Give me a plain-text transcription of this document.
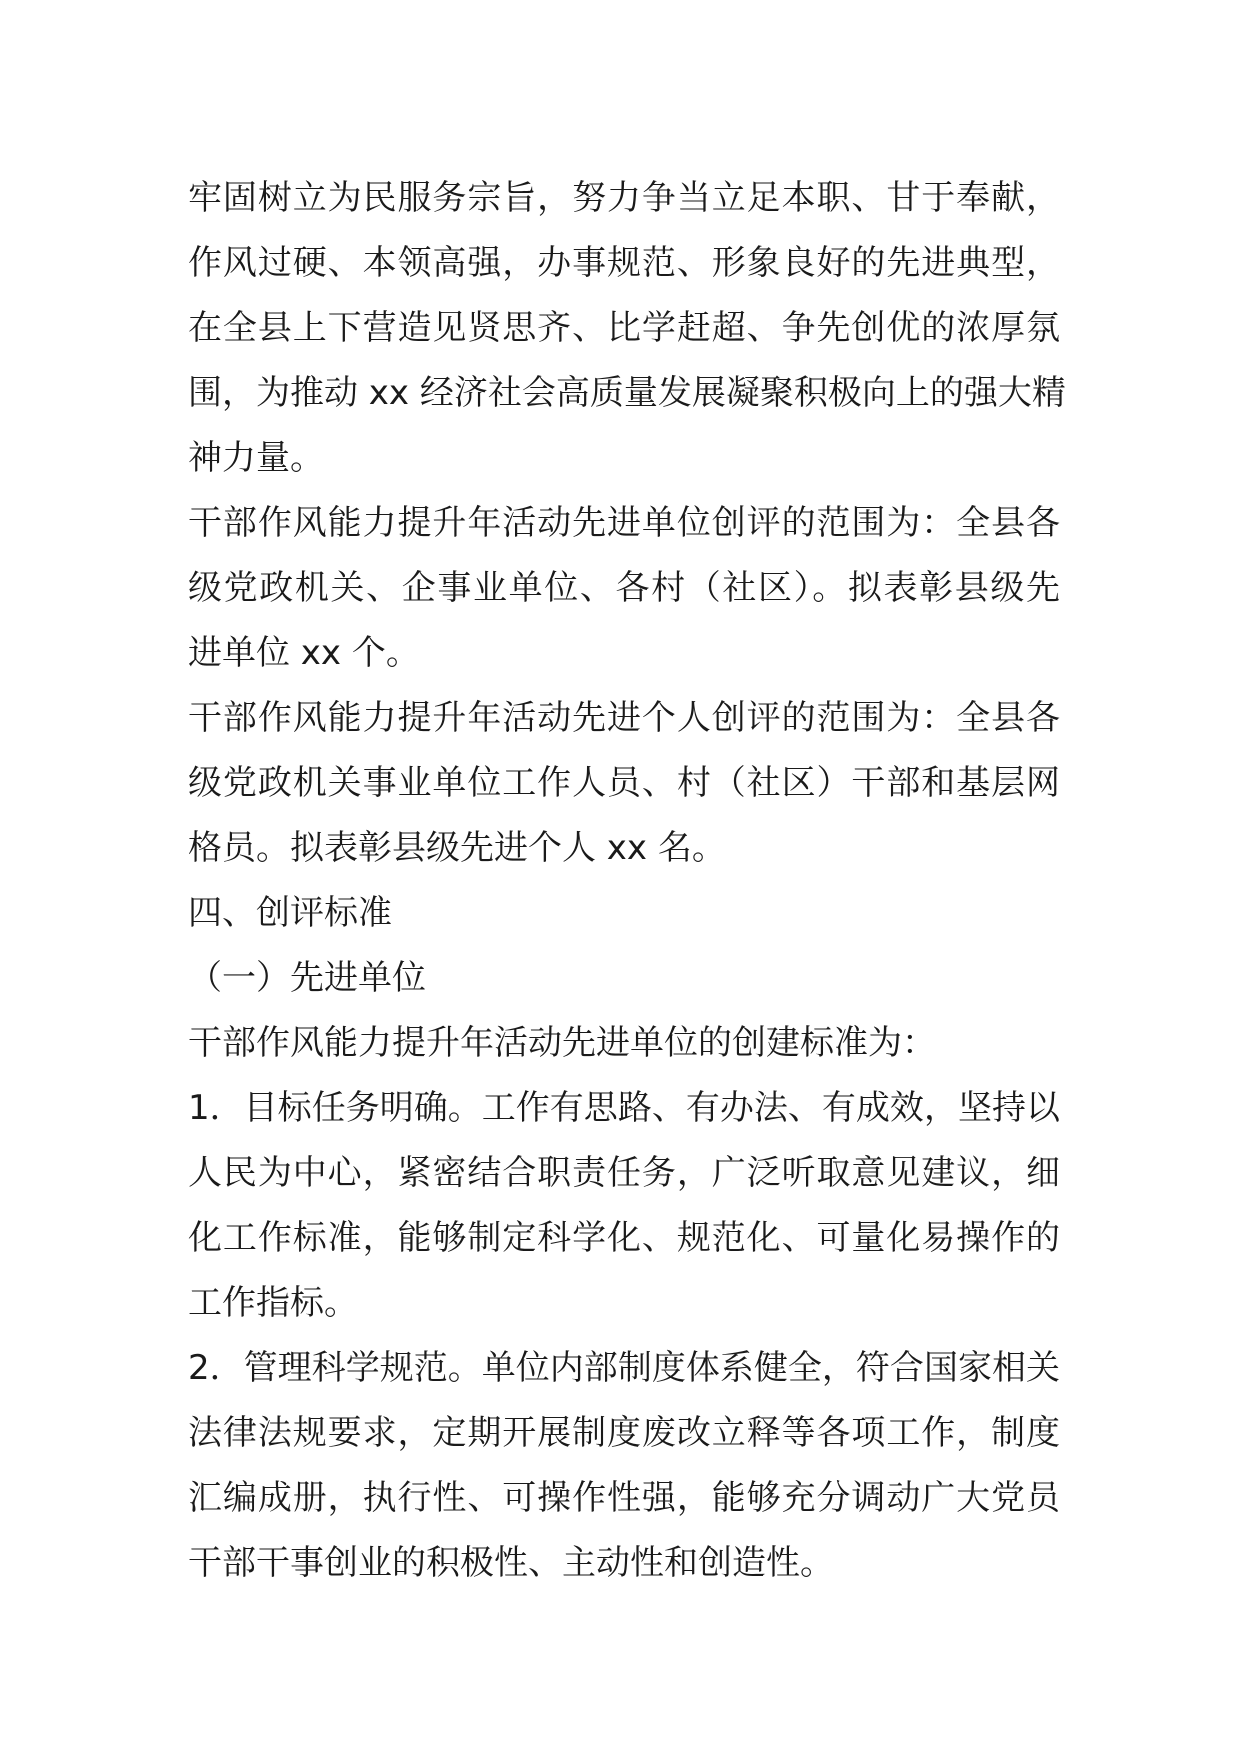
牢固树立为民服务宗旨，努力争当立足本职、甘于奉献，
作风过硬、本领高强，办事规范、形象良好的先进典型，
在全县上下营造见贤思齐、比学赶超、争先创优的浓厚氛
围，为推动 xx 经济社会高质量发展凝聚积极向上的强大精
神力量。
干部作风能力提升年活动先进单位创评的范围为：全县各
级党政机关、企事业单位、各村（社区）。拟表彰县级先
进单位 xx 个。
干部作风能力提升年活动先进个人创评的范围为：全县各
级党政机关事业单位工作人员、村（社区）干部和基层网
格员。拟表彰县级先进个人 xx 名。
四、创评标准
（一）先进单位
干部作风能力提升年活动先进单位的创建标准为：
1．目标任务明确。工作有思路、有办法、有成效，坚持以
人民为中心，紧密结合职责任务，广泛听取意见建议，细
化工作标准，能够制定科学化、规范化、可量化易操作的
工作指标。
2．管理科学规范。单位内部制度体系健全，符合国家相关
法律法规要求，定期开展制度废改立释等各项工作，制度
汇编成册，执行性、可操作性强，能够充分调动广大党员
干部干事创业的积极性、主动性和创造性。
